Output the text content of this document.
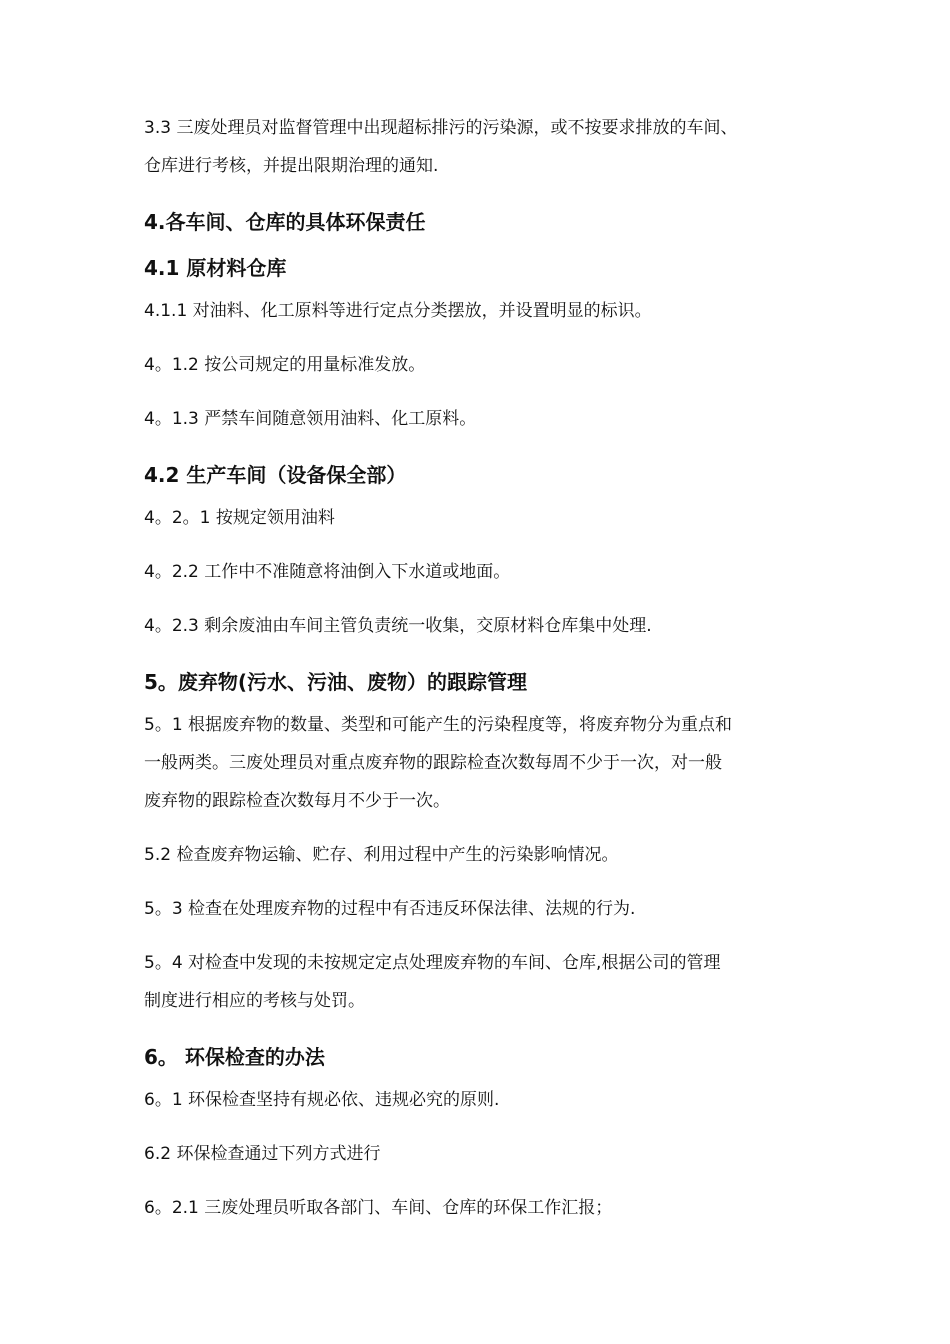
3.3 三废处理员对监督管理中出现超标排污的污染源，或不按要求排放的车间、
仓库进行考核，并提出限期治理的通知.
4.各车间、仓库的具体环保责任
4.1 原材料仓库
4.1.1 对油料、化工原料等进行定点分类摆放，并设置明显的标识。
4。1.2 按公司规定的用量标准发放。
4。1.3 严禁车间随意领用油料、化工原料。
4.2 生产车间（设备保全部）
4。2。1 按规定领用油料
4。2.2 工作中不准随意将油倒入下水道或地面。
4。2.3 剩余废油由车间主管负责统一收集，交原材料仓库集中处理.
5。废弃物(污水、污油、废物）的跟踪管理
5。1 根据废弃物的数量、类型和可能产生的污染程度等，将废弃物分为重点和
一般两类。三废处理员对重点废弃物的跟踪检查次数每周不少于一次，对一般
废弃物的跟踪检查次数每月不少于一次。
5.2 检查废弃物运输、贮存、利用过程中产生的污染影响情况。
5。3 检查在处理废弃物的过程中有否违反环保法律、法规的行为.
5。4 对检查中发现的未按规定定点处理废弃物的车间、仓库,根据公司的管理
制度进行相应的考核与处罚。
6。 环保检查的办法
6。1 环保检查坚持有规必依、违规必究的原则.
6.2 环保检查通过下列方式进行
6。2.1 三废处理员听取各部门、车间、仓库的环保工作汇报；
